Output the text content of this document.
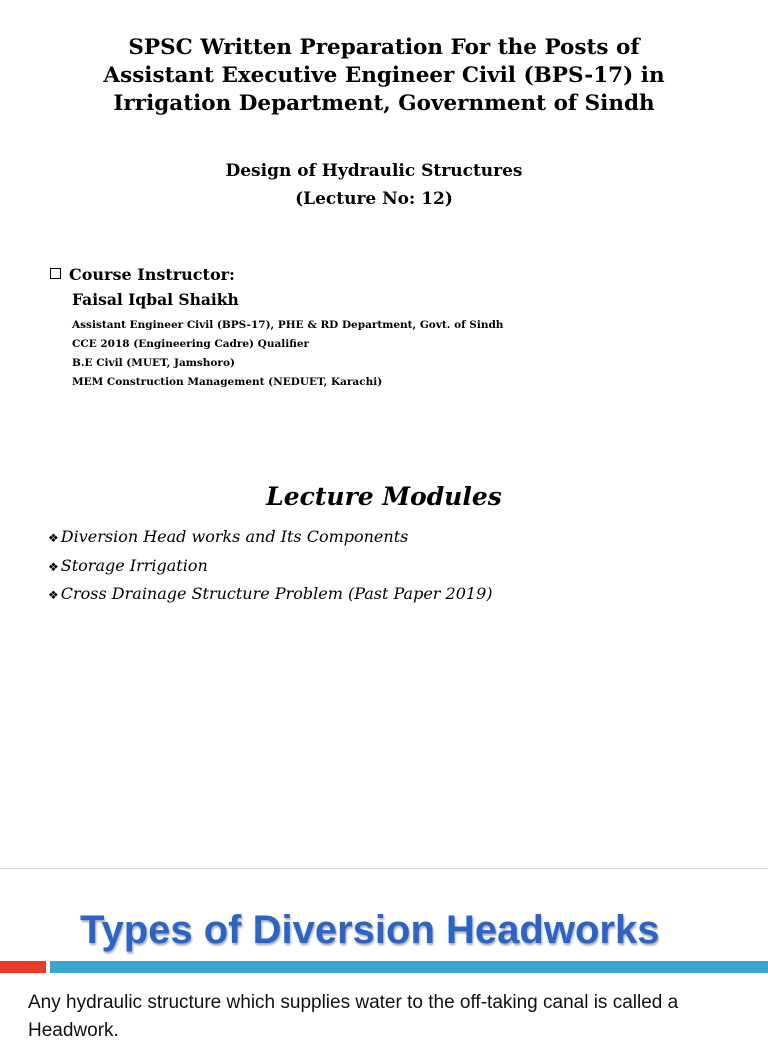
SPSC Written Preparation For the Posts of
Assistant Executive Engineer Civil (BPS-17) in
Irrigation Department, Government of Sindh
Design of Hydraulic Structures
(Lecture No: 12)
Course Instructor:
Faisal Iqbal Shaikh
Assistant Engineer Civil (BPS-17), PHE & RD Department, Govt. of Sindh
CCE 2018 (Engineering Cadre) Qualifier
B.E Civil (MUET, Jamshoro)
MEM Construction Management (NEDUET, Karachi)
Lecture Modules
❖ Diversion Head works and Its Components
❖ Storage Irrigation
❖ Cross Drainage Structure Problem (Past Paper 2019)
Types of Diversion Headworks
Any hydraulic structure which supplies water to the off-taking canal is called a Headwork.
